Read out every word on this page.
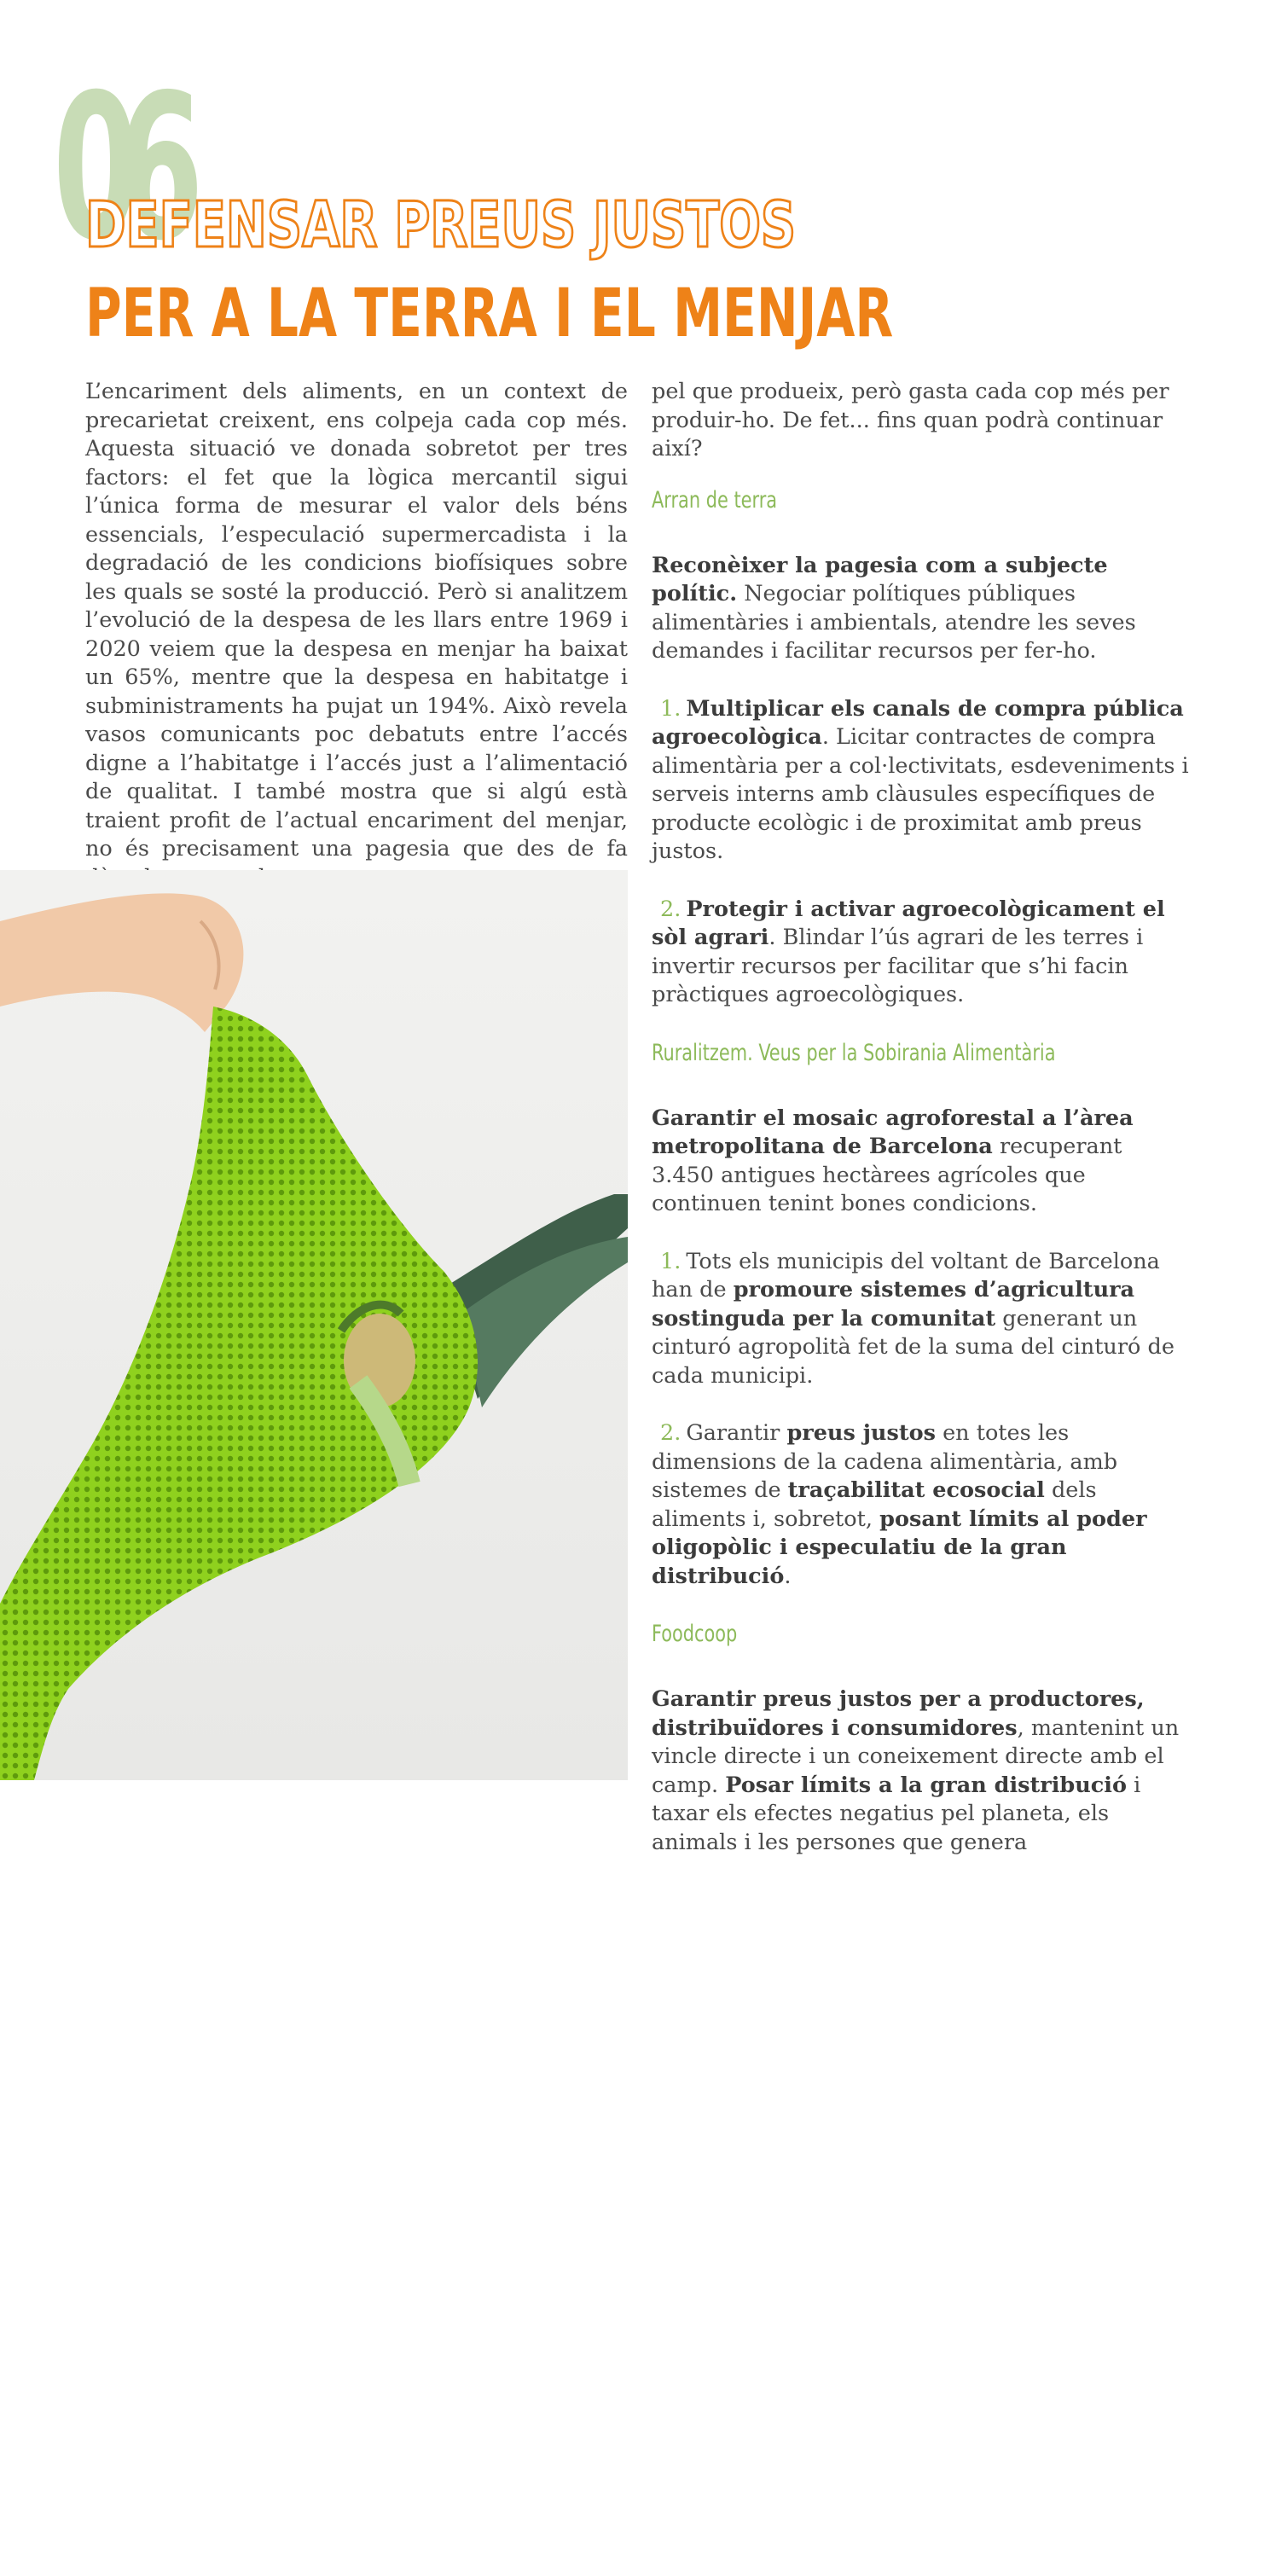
06
DEFENSAR PREUS JUSTOS
PER A LA TERRA I EL MENJAR

L’encariment dels aliments, en un context de precarietat creixent, ens colpeja cada cop més. Aquesta situació ve donada sobretot per tres factors: el fet que la lògica mercantil sigui l’única forma de mesurar el valor dels béns essencials, l’especulació supermercadista i la degradació de les condicions biofísiques sobre les quals se sosté la producció. Però si analitzem l’evolució de la despesa de les llars entre 1969 i 2020 veiem que la despesa en menjar ha baixat un 65%, mentre que la despesa en habitatge i subministraments ha pujat un 194%. Això revela vasos comunicants poc debatuts entre l’accés digne a l’habitatge i l’accés just a l’alimentació de qualitat. I també mostra que si algú està traient profit de l’actual encariment del menjar, no és precisament una pagesia que des de fa

Markus Spike UnSpah

pel que produeix, però gasta cada cop més per produir-ho. De fet... fins quan podrà continuar així?

Arran de terra

Reconèixer la pagesia com a subjecte polític. Negociar polítiques públiques alimentàries i ambientals, atendre les seves demandes i facilitar recursos per fer-ho.

1. Multiplicar els canals de compra pública agroecològica. Licitar contractes de compra alimentària per a col·lectivitats, esdeveniments i serveis interns amb clàusules específiques de producte ecològic i de proximitat amb preus justos.

2. Protegir i activar agroecològicament el sòl agrari. Blindar l’ús agrari de les terres i invertir recursos per facilitar que s’hi facin pràctiques agroecològiques.

Ruralitzem. Veus per la Sobirania Alimentària

Garantir el mosaic agroforestal a l’àrea metropolitana de Barcelona recuperant 3.450 antigues hectàrees agrícoles que continuen tenint bones condicions.

1. Tots els municipis del voltant de Barcelona han de promoure sistemes d’agricultura sostinguda per la comunitat generant un cinturó agropolità fet de la suma del cinturó de cada municipi.

2. Garantir preus justos en totes les dimensions de la cadena alimentària, amb sistemes de traçabilitat ecosocial dels aliments i, sobretot, posant límits al poder oligopòlic i especulatiu de la gran distribució.

Foodcoop

Garantir preus justos per a productores, distribuïdores i consumidores, mantenint un vincle directe i un coneixement directe amb el camp. Posar límits a la gran distribució i taxar els efectes negatius pel planeta, els animals i les persones que genera
